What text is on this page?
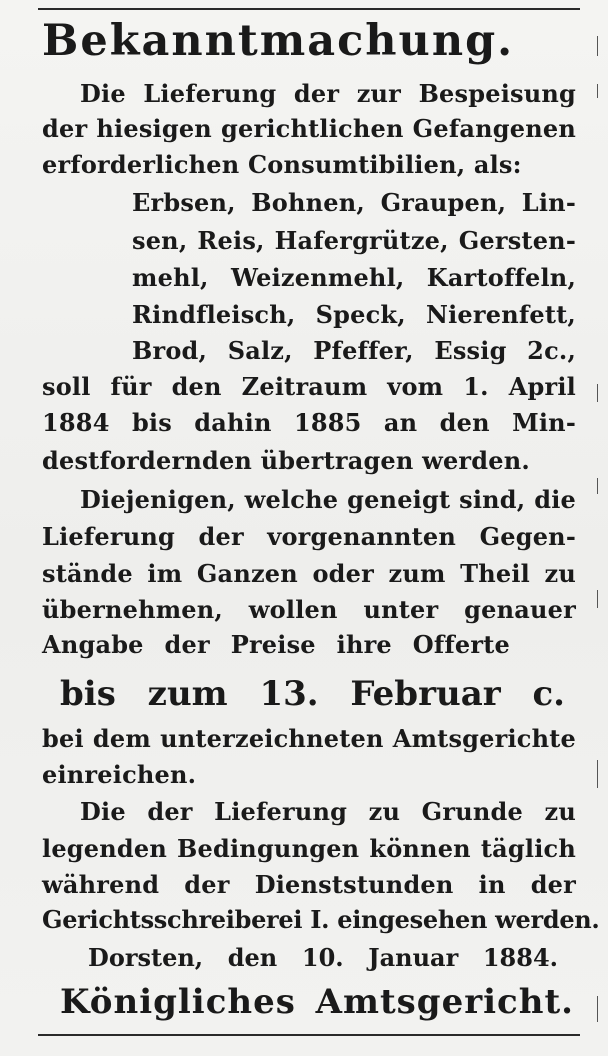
Bekanntmachung.
Die Lieferung der zur Bespeisung
der hiesigen gerichtlichen Gefangenen
erforderlichen Consumtibilien, als:
Erbsen, Bohnen, Graupen, Lin-
sen, Reis, Hafergrütze, Gersten-
mehl, Weizenmehl, Kartoffeln,
Rindfleisch, Speck, Nierenfett,
Brod, Salz, Pfeffer, Essig 2c.,
soll für den Zeitraum vom 1. April
1884 bis dahin 1885 an den Min-
destfordernden übertragen werden.
Diejenigen, welche geneigt sind, die
Lieferung der vorgenannten Gegen-
stände im Ganzen oder zum Theil zu
übernehmen, wollen unter genauer
Angabe der Preise ihre Offerte
bis zum 13. Februar c.
bei dem unterzeichneten Amtsgerichte
einreichen.
Die der Lieferung zu Grunde zu
legenden Bedingungen können täglich
während der Dienststunden in der
Gerichtsschreiberei I. eingesehen werden.
Dorsten, den 10. Januar 1884.
Königliches Amtsgericht.
